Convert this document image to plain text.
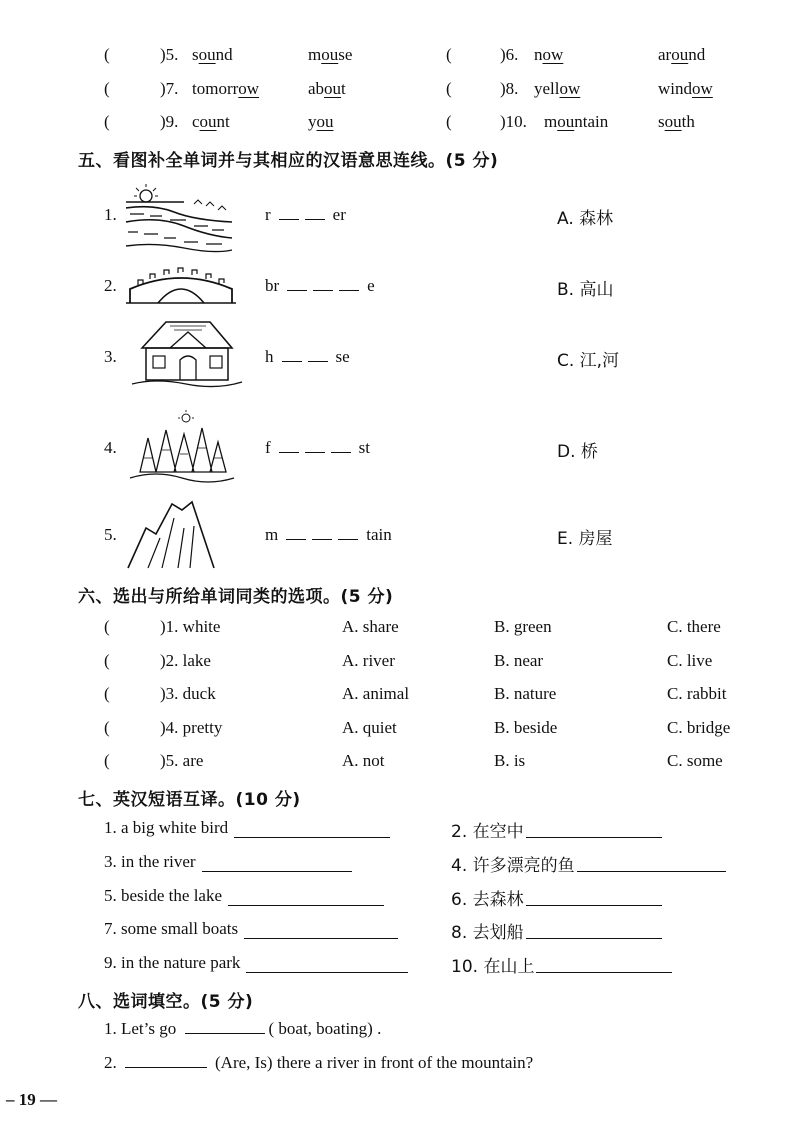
(	)5. sound	mouse	(	)6. now	around
(	)7. tomorrow	about	(	)8. yellow	window
(	)9. count	you	(	)10. mountain	south
五、看图补全单词并与其相应的汉语意思连线。(5 分)
1.	r	er	A. 森林
2.	br	e	B. 高山
3.	h	se	C. 江,河
4.	f	st	D. 桥
5.	m	tain	E. 房屋
六、选出与所给单词同类的选项。(5 分)
(	)1. white	A. share	B. green	C. there
(	)2. lake	A. river	B. near	C. live
(	)3. duck	A. animal	B. nature	C. rabbit
(	)4. pretty	A. quiet	B. beside	C. bridge
(	)5. are	A. not	B. is	C. some
七、英汉短语互译。(10 分)
1. a big white bird	2. 在空中
3. in the river	4. 许多漂亮的鱼
5. beside the lake	6. 去森林
7. some small boats	8. 去划船
9. in the nature park	10. 在山上
八、选词填空。(5 分)
1. Let’s go	( boat, boating) .
2.	(Are, Is) there a river in front of the mountain?
– 19 —
